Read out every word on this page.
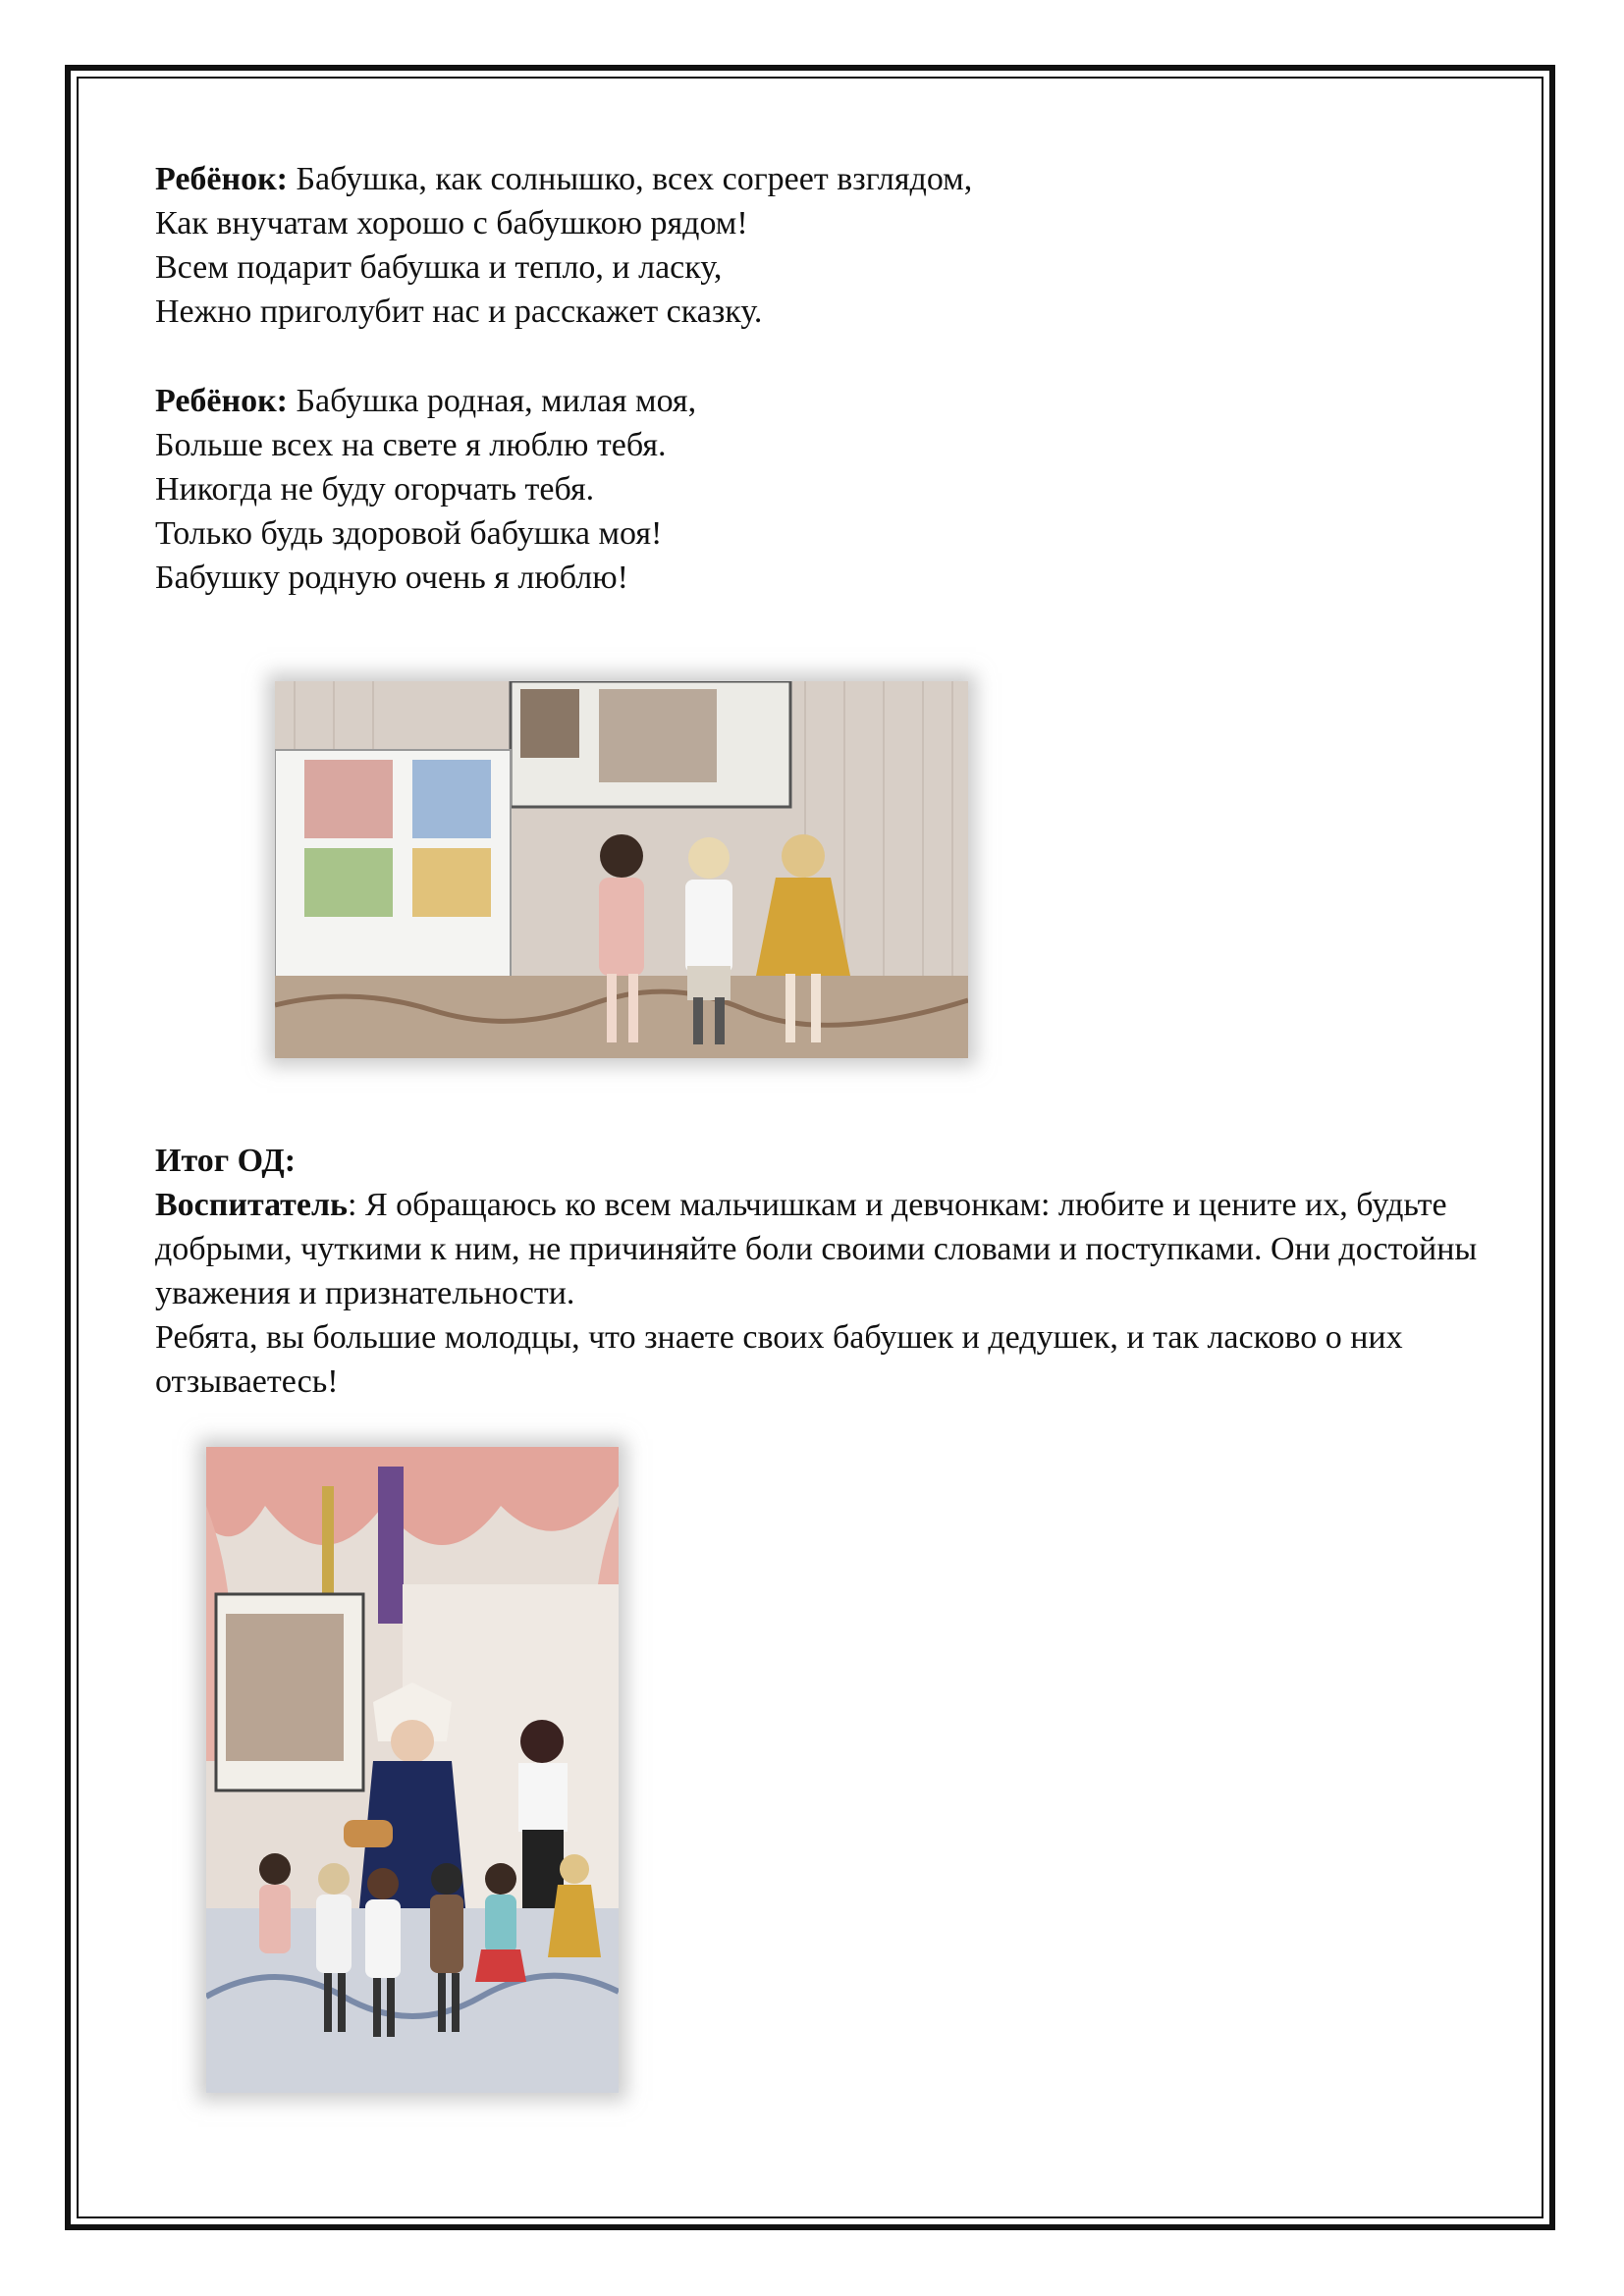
Ребёнок: Бабушка, как солнышко, всех согреет взглядом,

Как внучатам хорошо с бабушкою рядом!

Всем подарит бабушка и тепло, и ласку,

Нежно приголубит нас и расскажет сказку.

Ребёнок: Бабушка родная, милая моя,

Больше всех на свете я люблю тебя.

Никогда не буду огорчать тебя.

Только будь здоровой бабушка моя!

Бабушку родную очень я люблю!

Итог ОД:

Воспитатель: Я обращаюсь ко всем мальчишкам и девчонкам: любите и цените их, будьте добрыми, чуткими к ним, не причиняйте боли своими словами и поступками. Они достойны уважения и признательности.

Ребята, вы большие молодцы, что знаете своих бабушек и дедушек, и так ласково о них отзываетесь!
